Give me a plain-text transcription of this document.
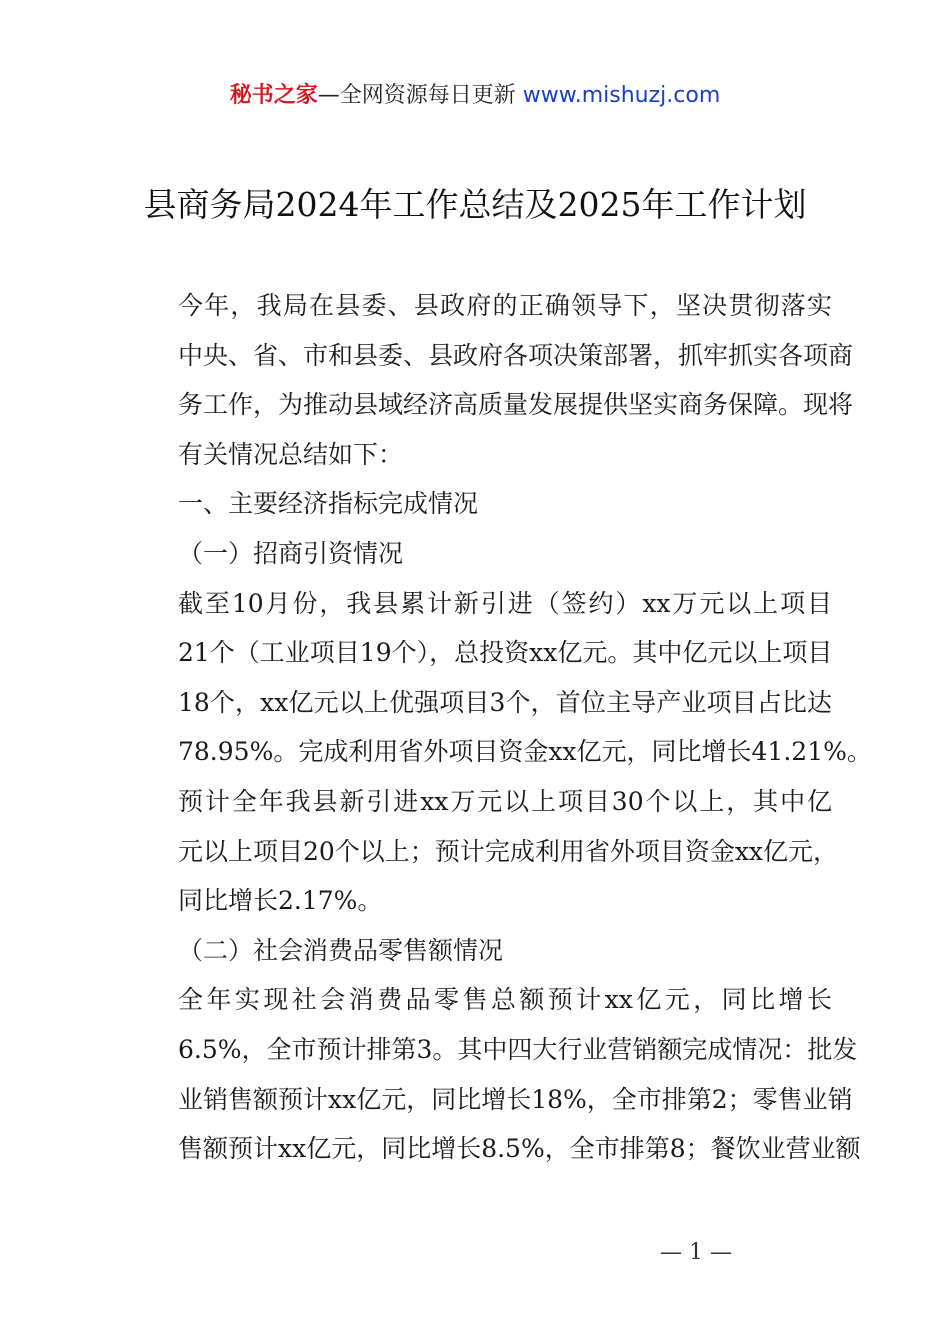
秘书之家—全网资源每日更新 www.mishuzj.com
县商务局2024年工作总结及2025年工作计划

今年，我局在县委、县政府的正确领导下，坚决贯彻落实
中央、省、市和县委、县政府各项决策部署，抓牢抓实各项商
务工作，为推动县域经济高质量发展提供坚实商务保障。现将
有关情况总结如下：

一、主要经济指标完成情况

（一）招商引资情况

截至10月份，我县累计新引进（签约）xx万元以上项目
21个（工业项目19个），总投资xx亿元。其中亿元以上项目
18个，xx亿元以上优强项目3个，首位主导产业项目占比达
78.95%。完成利用省外项目资金xx亿元，同比增长41.21%。

预计全年我县新引进xx万元以上项目30个以上，其中亿
元以上项目20个以上；预计完成利用省外项目资金xx亿元，
同比增长2.17%。

（二）社会消费品零售额情况

全年实现社会消费品零售总额预计xx亿元，同比增长
6.5%，全市预计排第3。其中四大行业营销额完成情况：批发
业销售额预计xx亿元，同比增长18%，全市排第2；零售业销
售额预计xx亿元，同比增长8.5%，全市排第8；餐饮业营业额

— 1 —
